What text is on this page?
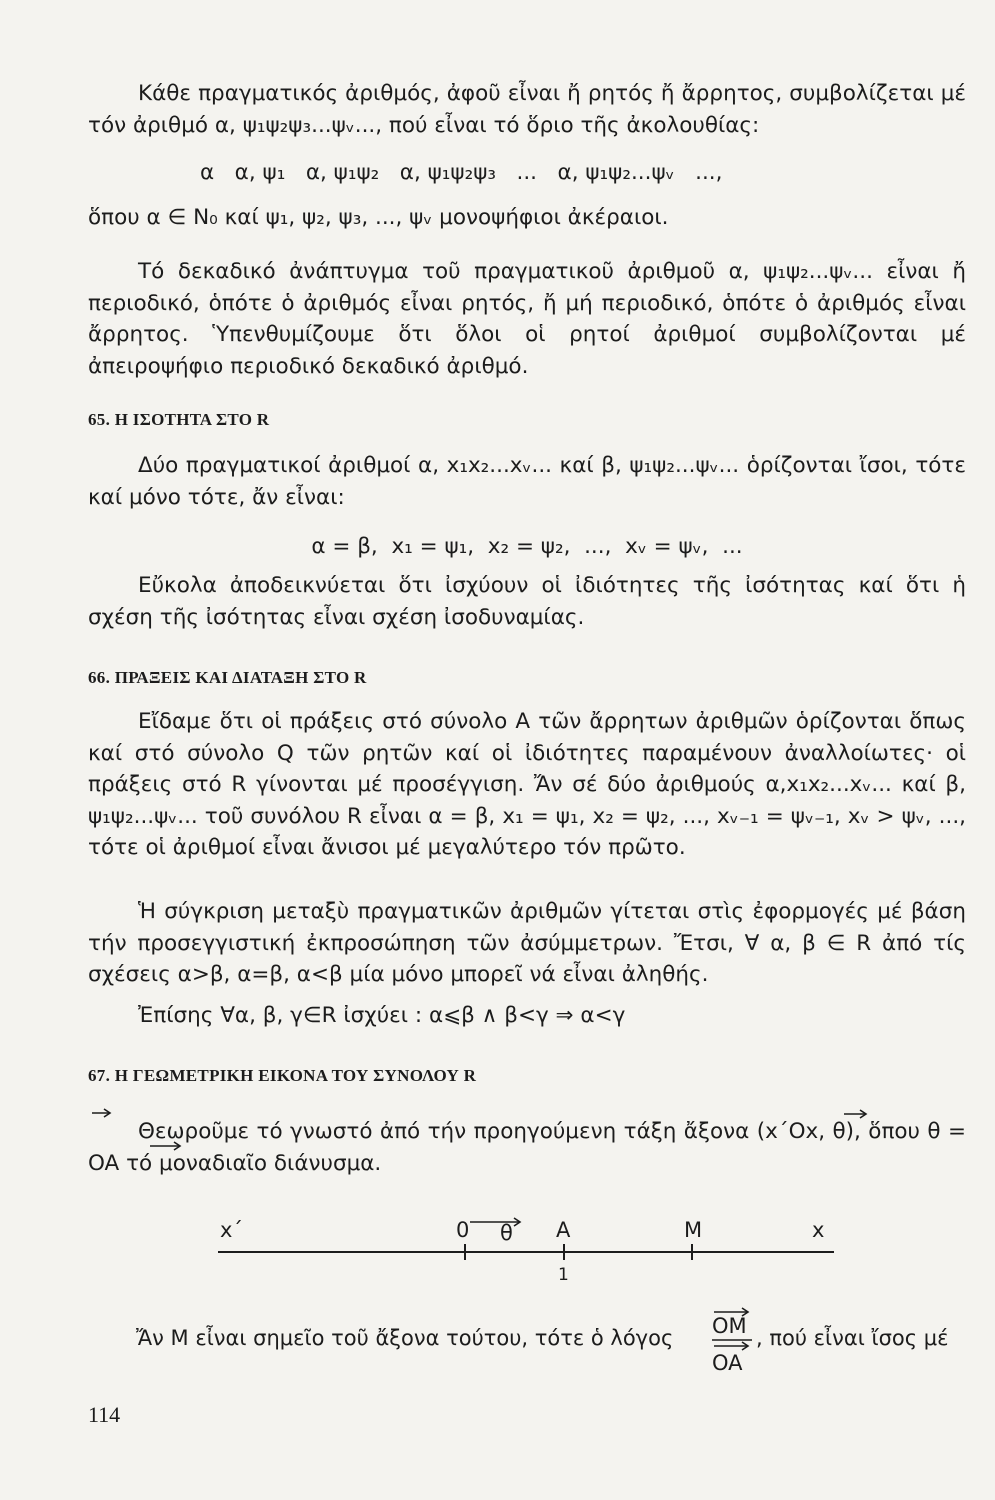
Κάθε πραγματικός ἀριθμός, ἀφοῦ εἶναι ἤ ρητός ἤ ἄρρητος, συμβολίζεται μέ τόν ἀριθμό α, ψ₁ψ₂ψ₃...ψᵥ..., πού εἶναι τό ὅριο τῆς ἀκολουθίας:

α   α, ψ₁   α, ψ₁ψ₂   α, ψ₁ψ₂ψ₃   ...   α, ψ₁ψ₂...ψᵥ   ...,

ὅπου α ∈ N₀ καί ψ₁, ψ₂, ψ₃, ..., ψᵥ μονοψήφιοι ἀκέραιοι.

Τό δεκαδικό ἀνάπτυγμα τοῦ πραγματικοῦ ἀριθμοῦ α, ψ₁ψ₂...ψᵥ... εἶναι ἤ περιοδικό, ὁπότε ὁ ἀριθμός εἶναι ρητός, ἤ μή περιοδικό, ὁπότε ὁ ἀριθμός εἶναι ἄρρητος. Ὑπενθυμίζουμε ὅτι ὅλοι οἱ ρητοί ἀριθμοί συμβολίζονται μέ ἀπειροψήφιο περιοδικό δεκαδικό ἀριθμό.

65. Η ΙΣΟΤΗΤΑ ΣΤΟ R

Δύο πραγματικοί ἀριθμοί α, x₁x₂...xᵥ... καί β, ψ₁ψ₂...ψᵥ... ὁρίζονται ἴσοι, τότε καί μόνο τότε, ἄν εἶναι:

α = β,  x₁ = ψ₁,  x₂ = ψ₂,  ...,  xᵥ = ψᵥ,  ...

Εὔκολα ἀποδεικνύεται ὅτι ἰσχύουν οἱ ἰδιότητες τῆς ἰσότητας καί ὅτι ἡ σχέση τῆς ἰσότητας εἶναι σχέση ἰσοδυναμίας.

66. ΠΡΑΞΕΙΣ ΚΑΙ ΔΙΑΤΑΞΗ ΣΤΟ R

Εἴδαμε ὅτι οἱ πράξεις στό σύνολο A τῶν ἄρρητων ἀριθμῶν ὁρίζονται ὅπως καί στό σύνολο Q τῶν ρητῶν καί οἱ ἰδιότητες παραμένουν ἀναλλοίωτες· οἱ πράξεις στό R γίνονται μέ προσέγγιση. Ἄν σέ δύο ἀριθμούς α,x₁x₂...xᵥ... καί β, ψ₁ψ₂...ψᵥ... τοῦ συνόλου R εἶναι α = β, x₁ = ψ₁, x₂ = ψ₂, ..., xᵥ₋₁ = ψᵥ₋₁, xᵥ > ψᵥ, ..., τότε οἱ ἀριθμοί εἶναι ἄνισοι μέ μεγαλύτερο τόν πρῶτο.

Ἡ σύγκριση μεταξὺ πραγματικῶν ἀριθμῶν γίτεται στὶς ἐφορμογές μέ βάση τήν προσεγγιστική ἐκπροσώπηση τῶν ἀσύμμετρων. Ἔτσι, ∀ α, β ∈ R ἀπό τίς σχέσεις α>β, α=β, α<β μία μόνο μπορεῖ νά εἶναι ἀληθής.

Ἐπίσης ∀α, β, γ∈R ἰσχύει : α⩽β ∧ β<γ ⇒ α<γ

67. Η ΓΕΩΜΕΤΡΙΚΗ ΕΙΚΟΝΑ ΤΟΥ ΣΥΝΟΛΟΥ R

Θεωροῦμε τό γνωστό ἀπό τήν προηγούμενη τάξη ἄξονα (x΄Ox, θ), ὅπου θ = OA τό μοναδιαῖο διάνυσμα.

x΄	0 θ A	M	x
1
Ἄν M εἶναι σημεῖο τοῦ ἄξονα τούτου, τότε ὁ λόγος OM
OA
, πού εἶναι ἴσος μέ

114
